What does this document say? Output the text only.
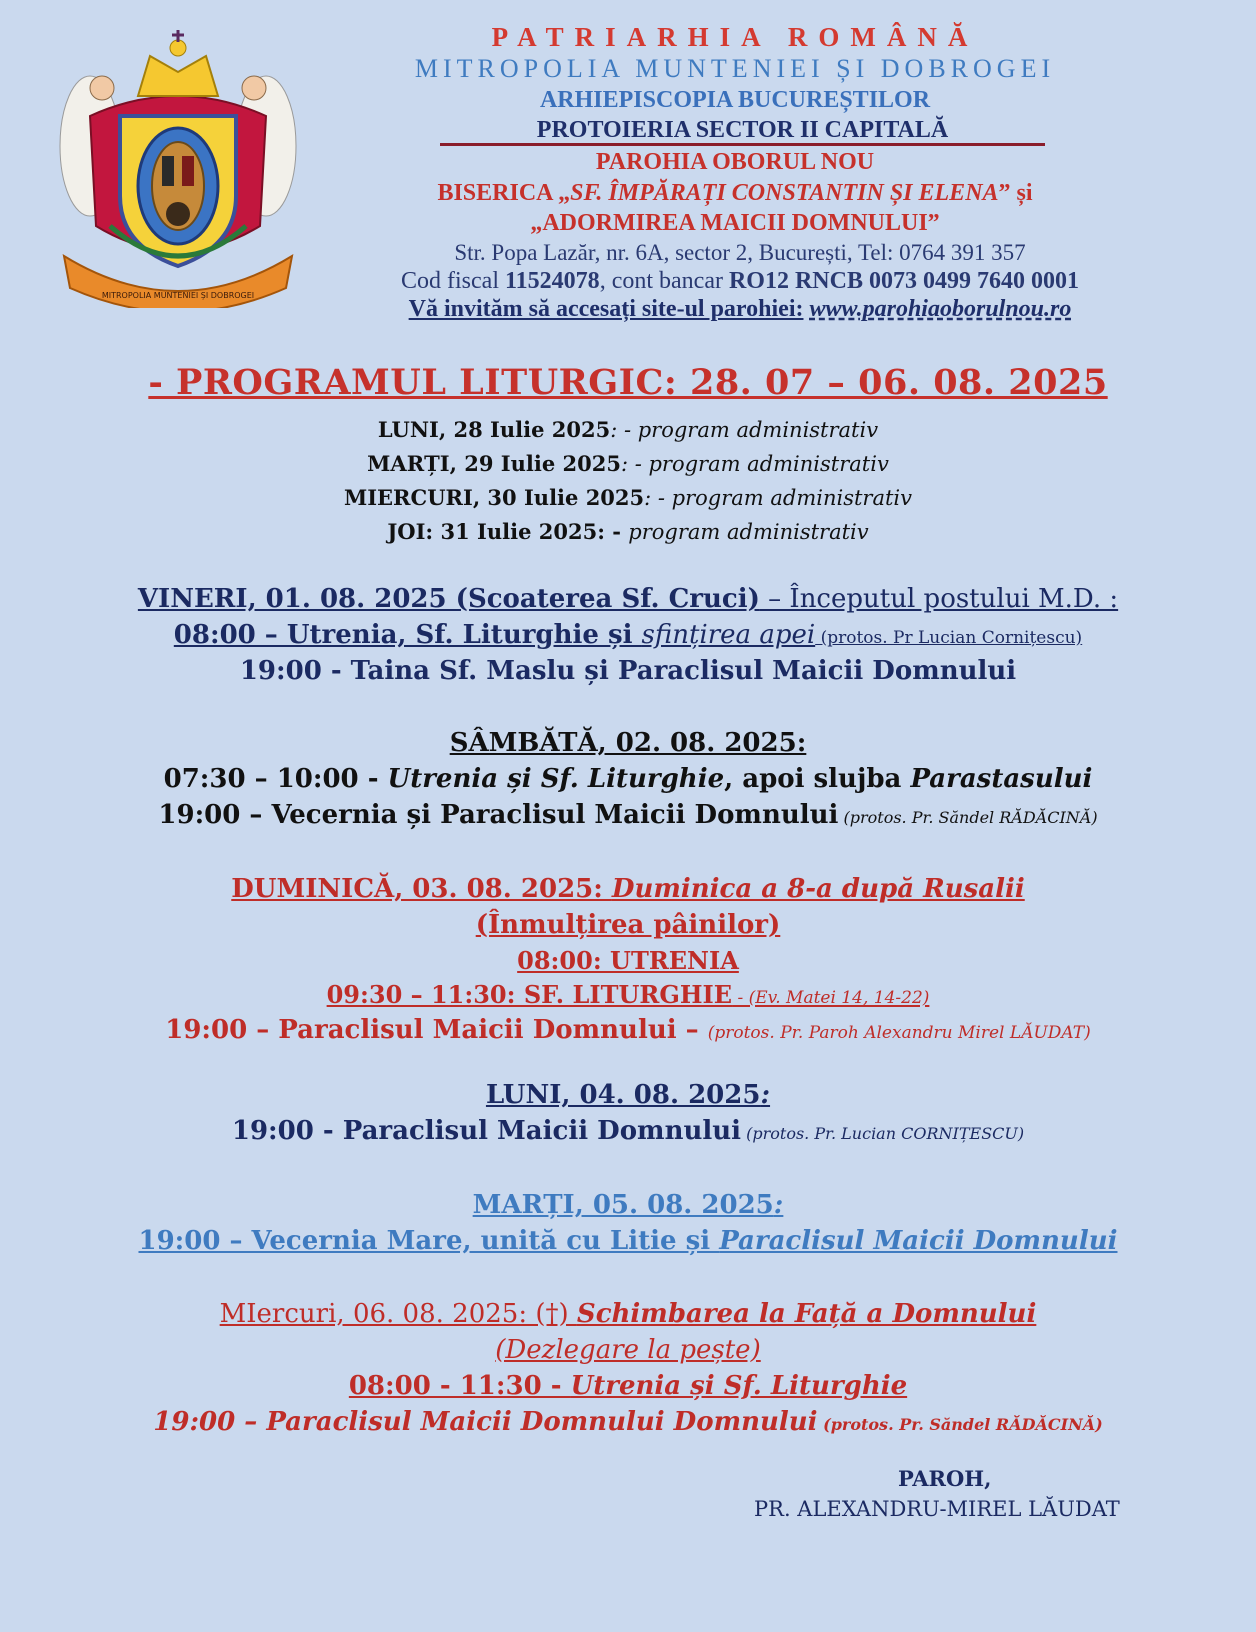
MITROPOLIA MUNTENIEI ȘI DOBROGEI
PATRIARHIA ROMÂNĂ
MITROPOLIA MUNTENIEI ȘI DOBROGEI
ARHIEPISCOPIA BUCUREȘTILOR
PROTOIERIA SECTOR II CAPITALĂ
PAROHIA OBORUL NOU
BISERICA „SF. ÎMPĂRAȚI CONSTANTIN ȘI ELENA” și
„ADORMIREA MAICII DOMNULUI”
Str. Popa Lazăr, nr. 6A, sector 2, București, Tel: 0764 391 357
Cod fiscal 11524078, cont bancar RO12 RNCB 0073 0499 7640 0001
Vă invităm să accesați site-ul parohiei: www.parohiaoborulnou.ro
- PROGRAMUL LITURGIC: 28. 07 – 06. 08. 2025
LUNI, 28 Iulie 2025: - program administrativ
MARȚI, 29 Iulie 2025: - program administrativ
MIERCURI, 30 Iulie 2025: - program administrativ
JOI: 31 Iulie 2025: - program administrativ
VINERI, 01. 08. 2025 (Scoaterea Sf. Cruci) – Începutul postului M.D. :
08:00 – Utrenia, Sf. Liturghie și sfințirea apei (protos. Pr Lucian Cornițescu)
19:00 - Taina Sf. Maslu și Paraclisul Maicii Domnului
SÂMBĂTĂ, 02. 08. 2025:
07:30 – 10:00 - Utrenia și Sf. Liturghie, apoi slujba Parastasului
19:00 – Vecernia și Paraclisul Maicii Domnului (protos. Pr. Săndel RĂDĂCINĂ)
DUMINICĂ, 03. 08. 2025: Duminica a 8-a după Rusalii
(Înmulțirea pâinilor)
08:00: UTRENIA
09:30 – 11:30: SF. LITURGHIE - (Ev. Matei 14, 14-22)
19:00 – Paraclisul Maicii Domnului – (protos. Pr. Paroh Alexandru Mirel LĂUDAT)
LUNI, 04. 08. 2025:
19:00 - Paraclisul Maicii Domnului (protos. Pr. Lucian CORNIȚESCU)
MARȚI, 05. 08. 2025:
19:00 – Vecernia Mare, unită cu Litie și Paraclisul Maicii Domnului
MIercuri, 06. 08. 2025: (†) Schimbarea la Față a Domnului
(Dezlegare la pește)
08:00 - 11:30 - Utrenia și Sf. Liturghie
19:00 – Paraclisul Maicii Domnului Domnului (protos. Pr. Săndel RĂDĂCINĂ)
PAROH,
PR. ALEXANDRU-MIREL LĂUDAT
